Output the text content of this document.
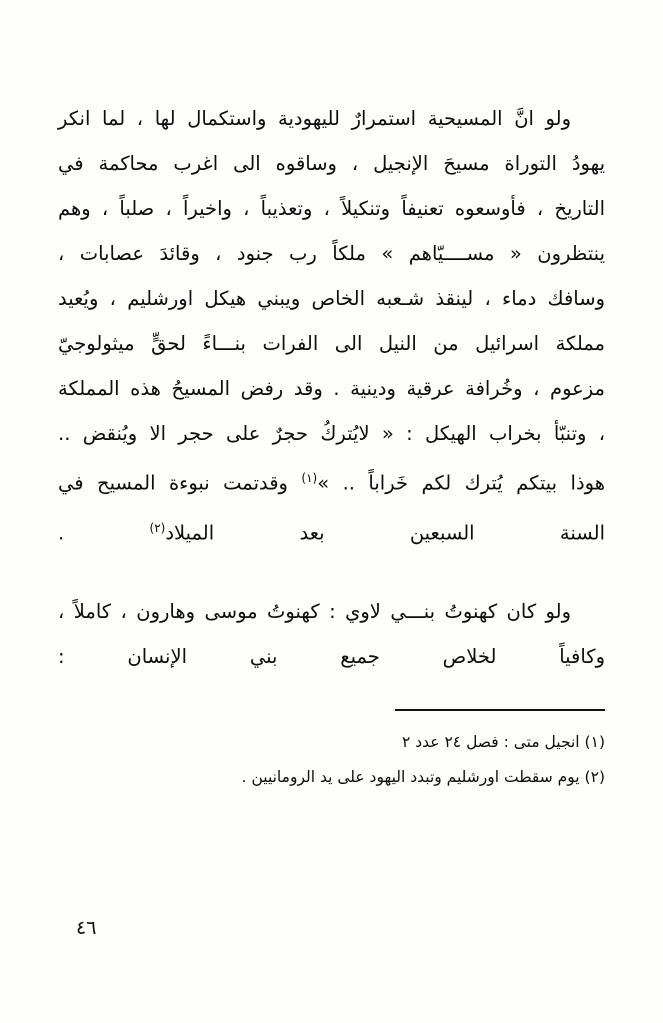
ولو انَّ المسيحية استمرارٌ لليهودية واستكمال لها ، لما انكر يهودُ التوراة مسيحَ الإنجيل ، وساقوه الى اغرب محاكمة في التاريخ ، فأوسعوه تعنيفاً وتنكيلاً ، وتعذيباً ، واخيراً ، صلباً ، وهم ينتظرون « مســــيّاهم » ملكاً رب جنود ، وقائدَ عصابات ، وسافك دماء ، لينقذ شـعبه الخاص ويبني هيكل اورشليم ، ويُعيد مملكة اسرائيل من النيل الى الفرات بنـــاءً لحقٍّ ميثولوجيّ مزعوم ، وخُرافة عرقية ودينية . وقد رفض المسيحُ هذه المملكة ، وتنبّأ بخراب الهيكل : « لايُتركُ حجرٌ على حجر الا ويُنقض .. هوذا بيتكم يُترك لكم خَراباً .. »$^{(١)}$ وقدتمت نبوءة المسيح في السنة السبعين بعد الميلاد$^{(٢)}$ .

ولو كان كهنوتُ بنـــي لاوي : كهنوتُ موسى وهارون ، كاملاً ، وكافياً لخلاص جميع بني الإنسان :

(١) انجيل متى : فصل ٢٤ عدد ٢

(٢) يوم سقطت اورشليم وتبدد اليهود على يد الرومانيين .

٤٦
